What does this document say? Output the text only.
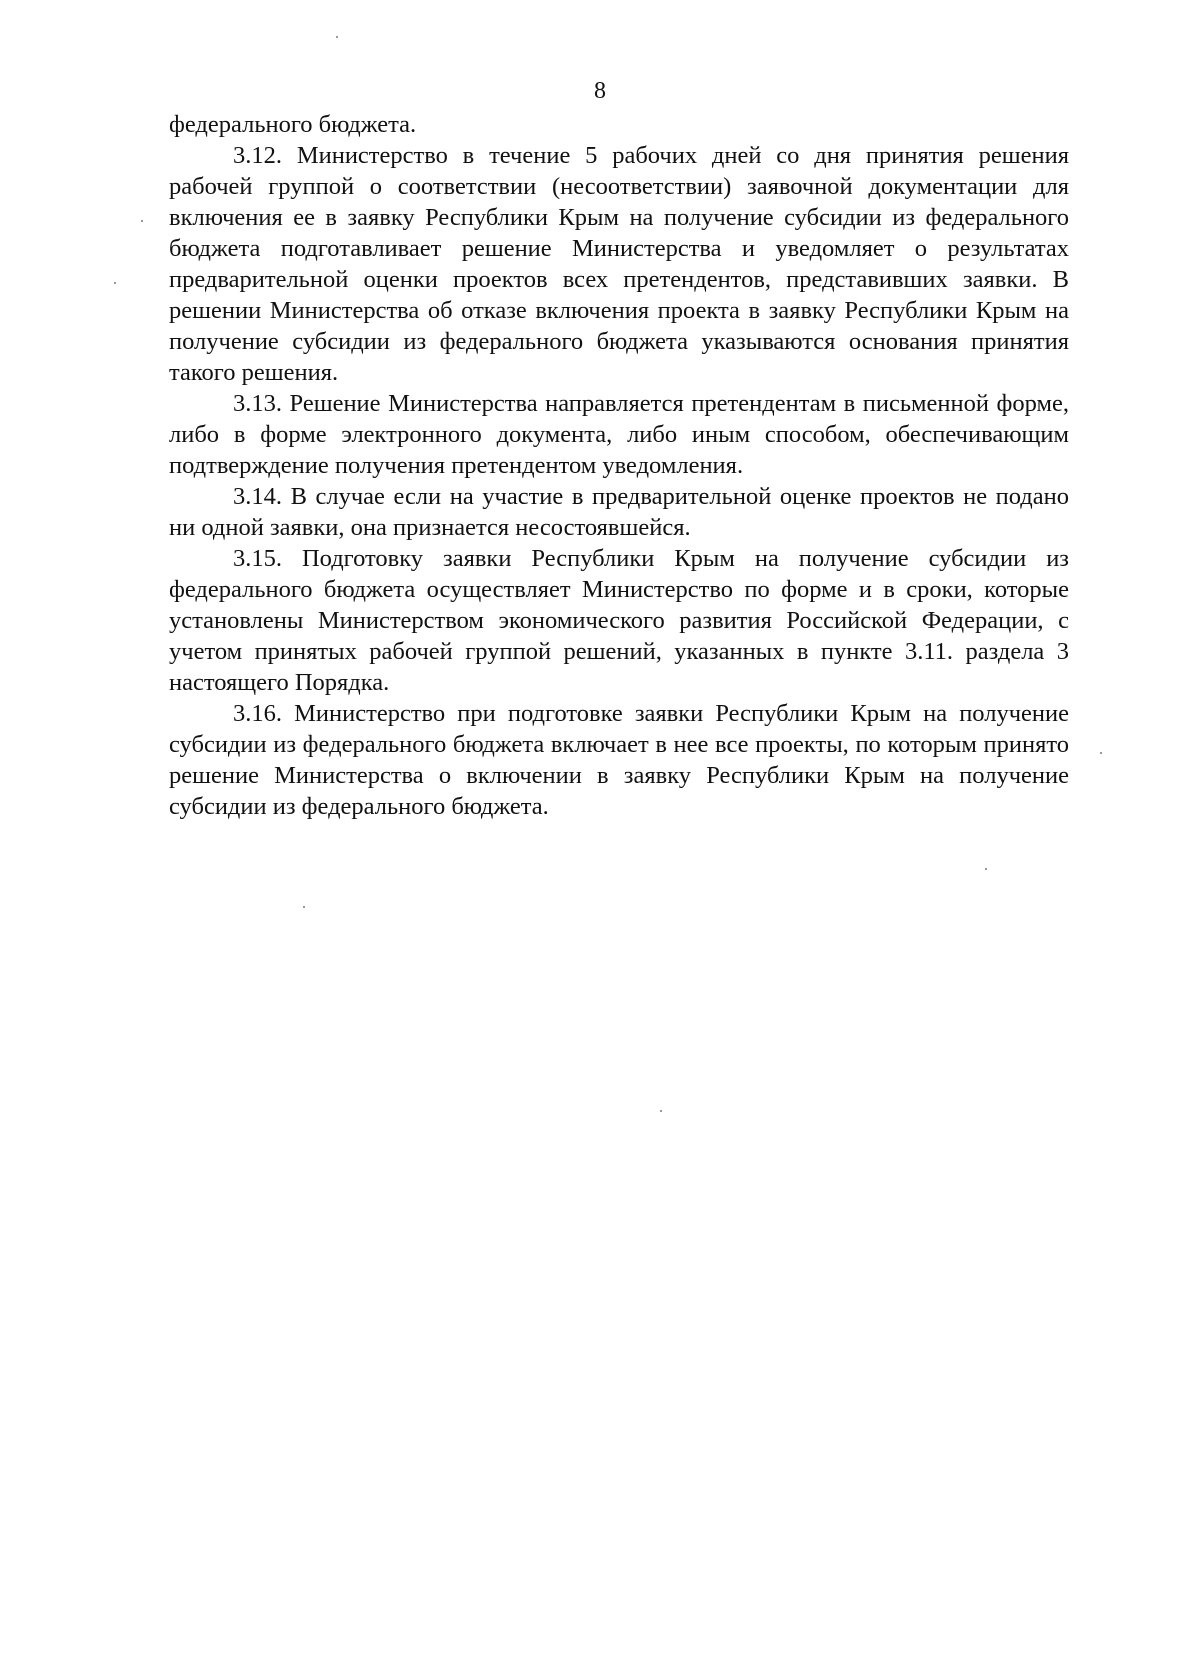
8

федерального бюджета.

3.12. Министерство в течение 5 рабочих дней со дня принятия решения рабочей группой о соответствии (несоответствии) заявочной документации для включения ее в заявку Республики Крым на получение субсидии из федерального бюджета подготавливает решение Министерства и уведомляет о результатах предварительной оценки проектов всех претендентов, представивших заявки. В решении Министерства об отказе включения проекта в заявку Республики Крым на получение субсидии из федерального бюджета указываются основания принятия такого решения.

3.13. Решение Министерства направляется претендентам в письменной форме, либо в форме электронного документа, либо иным способом, обеспечивающим подтверждение получения претендентом уведомления.

3.14. В случае если на участие в предварительной оценке проектов не подано ни одной заявки, она признается несостоявшейся.

3.15. Подготовку заявки Республики Крым на получение субсидии из федерального бюджета осуществляет Министерство по форме и в сроки, которые установлены Министерством экономического развития Российской Федерации, с учетом принятых рабочей группой решений, указанных в пункте 3.11. раздела 3 настоящего Порядка.

3.16. Министерство при подготовке заявки Республики Крым на получение субсидии из федерального бюджета включает в нее все проекты, по которым принято решение Министерства о включении в заявку Республики Крым на получение субсидии из федерального бюджета.
